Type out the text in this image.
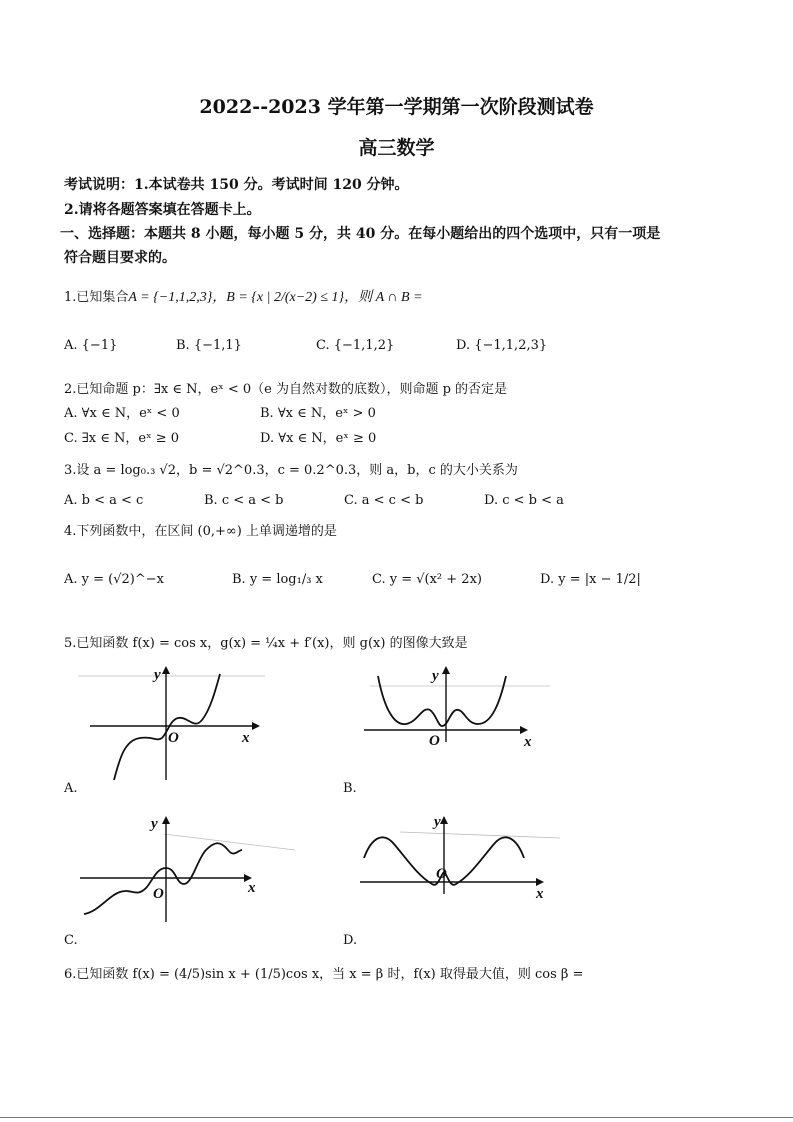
2022--2023 学年第一学期第一次阶段测试卷
高三数学
考试说明：1.本试卷共 150 分。考试时间 120 分钟。
2.请将各题答案填在答题卡上。
一、选择题：本题共 8 小题，每小题 5 分，共 40 分。在每小题给出的四个选项中，只有一项是
符合题目要求的。
1.已知集合A = {−1,1,2,3}，B = {x | 2/(x−2) ≤ 1}，则 A ∩ B =
A. {−1}	B. {−1,1}	C. {−1,1,2}	D. {−1,1,2,3}
2.已知命题 p：∃x ∈ N，eˣ < 0（e 为自然对数的底数），则命题 p 的否定是
A. ∀x ∈ N，eˣ < 0	B. ∀x ∈ N，eˣ > 0
C. ∃x ∈ N，eˣ ≥ 0	D. ∀x ∈ N，eˣ ≥ 0
3.设 a = log₀.₃ √2，b = √2^0.3，c = 0.2^0.3，则 a，b，c 的大小关系为
A. b < a < c	B. c < a < b	C. a < c < b	D. c < b < a
4.下列函数中，在区间 (0,+∞) 上单调递增的是
A. y = (√2)^−x	B. y = log₁/₃ x	C. y = √(x² + 2x)	D. y = |x − 1/2|
5.已知函数 f(x) = cos x，g(x) = ¼x + f′(x)，则 g(x) 的图像大致是
y
x
O
A.
y
x
O
B.
y
x
O
C.
y
x
O
D.
6.已知函数 f(x) = (4/5)sin x + (1/5)cos x，当 x = β 时，f(x) 取得最大值，则 cos β =
